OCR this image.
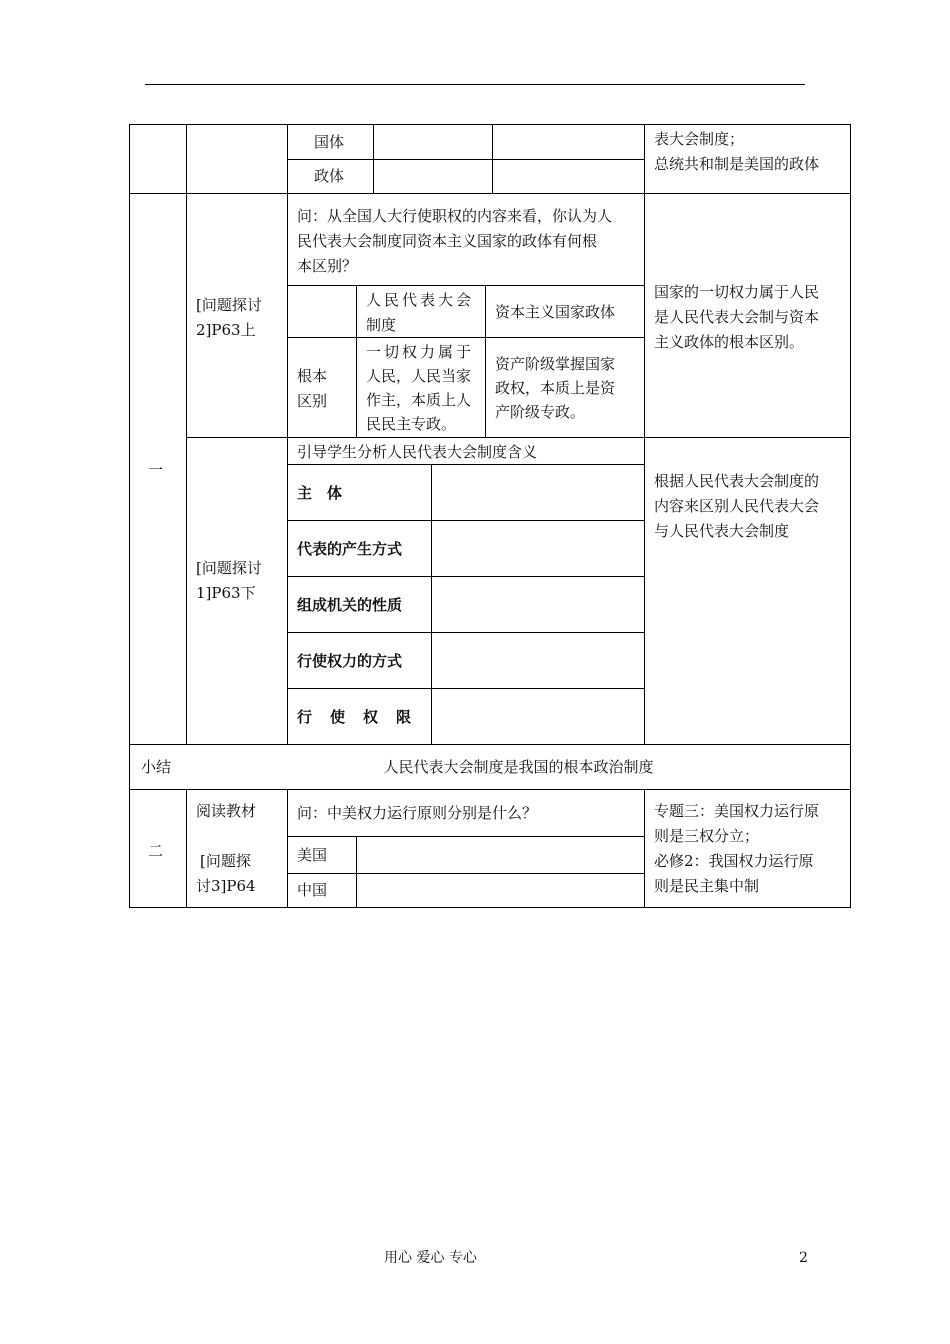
国体
政体
表大会制度；
总统共和制是美国的政体
一
[问题探讨
2]P63上
问：从全国人大行使职权的内容来看，你认为人
民代表大会制度同资本主义国家的政体有何根
本区别？
人民代表大会
制度
资本主义国家政体
根本
区别
一切权力属于
人民，人民当家
作主，本质上人
民民主专政。
资产阶级掌握国家
政权，本质上是资
产阶级专政。
国家的一切权力属于人民
是人民代表大会制与资本
主义政体的根本区别。
[问题探讨
1]P63下
引导学生分析人民代表大会制度含义
主　体
代表的产生方式
组成机关的性质
行使权力的方式
行使权限
根据人民代表大会制度的
内容来区别人民代表大会
与人民代表大会制度
小结	人民代表大会制度是我国的根本政治制度
二
阅读教材
[问题探
讨3]P64
问：中美权力运行原则分别是什么？
美国
中国
专题三：美国权力运行原
则是三权分立；
必修2：我国权力运行原
则是民主集中制
用心 爱心 专心	2
